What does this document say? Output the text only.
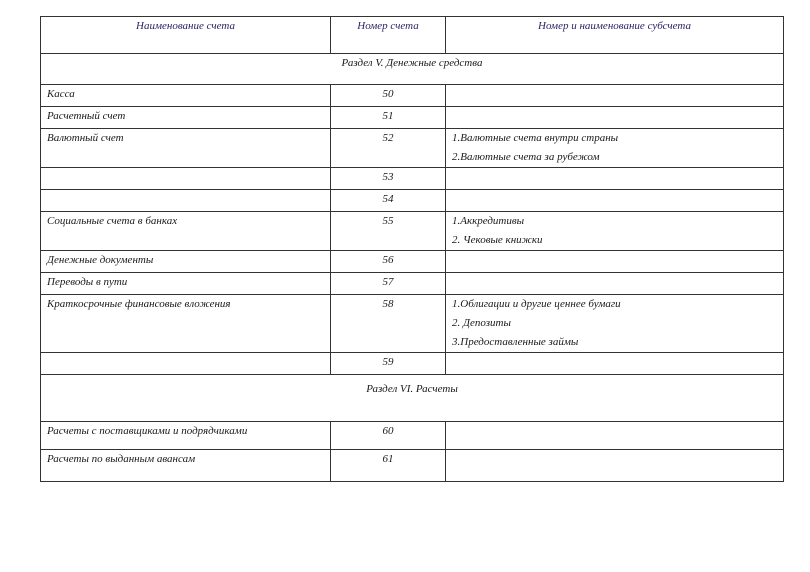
Наименование счета	Номер счета	Номер и наименование субсчета
Раздел V. Денежные средства		
Касса	50	
Расчетный счет	51	
Валютный счет	52	1.Валютные счета внутри страны
2.Валютные счета за рубежом

	53	
	54	
Социальные счета в банках	55	1.Аккредитивы
2. Чековые книжки

Денежные документы	56	
Переводы в пути	57	
Краткосрочные финансовые вложения	58	1.Облигации и другие ценнее бумаги
2. Депозиты
3.Предоставленные займы

	59	
Раздел VI. Расчеты		
Расчеты с поставщиками и подрядчиками	60	
Расчеты по выданным авансам	61	
